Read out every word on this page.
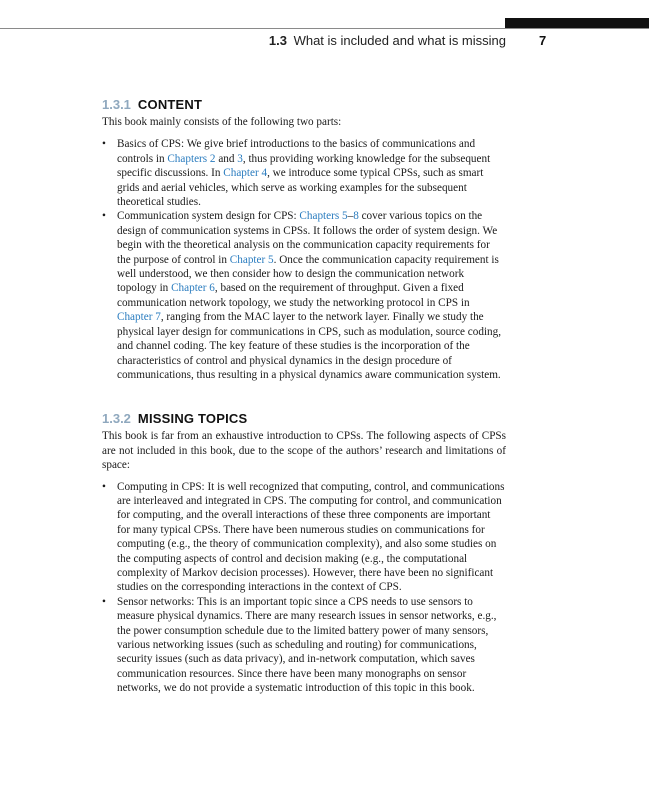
1.3 What is included and what is missing	7
1.3.1 CONTENT

This book mainly consists of the following two parts:

• Basics of CPS: We give brief introductions to the basics of communications and controls in Chapters 2 and 3, thus providing working knowledge for the subsequent specific discussions. In Chapter 4, we introduce some typical CPSs, such as smart grids and aerial vehicles, which serve as working examples for the subsequent theoretical studies.
• Communication system design for CPS: Chapters 5–8 cover various topics on the design of communication systems in CPSs. It follows the order of system design. We begin with the theoretical analysis on the communication capacity requirements for the purpose of control in Chapter 5. Once the communication capacity requirement is well understood, we then consider how to design the communication network topology in Chapter 6, based on the requirement of throughput. Given a fixed communication network topology, we study the networking protocol in CPS in Chapter 7, ranging from the MAC layer to the network layer. Finally we study the physical layer design for communications in CPS, such as modulation, source coding, and channel coding. The key feature of these studies is the incorporation of the characteristics of control and physical dynamics in the design procedure of communications, thus resulting in a physical dynamics aware communication system.
1.3.2 MISSING TOPICS

This book is far from an exhaustive introduction to CPSs. The following aspects of CPSs are not included in this book, due to the scope of the authors’ research and limitations of space:

• Computing in CPS: It is well recognized that computing, control, and communications are interleaved and integrated in CPS. The computing for control, and communication for computing, and the overall interactions of these three components are important for many typical CPSs. There have been numerous studies on communications for computing (e.g., the theory of communication complexity), and also some studies on the computing aspects of control and decision making (e.g., the computational complexity of Markov decision processes). However, there have been no significant studies on the corresponding interactions in the context of CPS.
• Sensor networks: This is an important topic since a CPS needs to use sensors to measure physical dynamics. There are many research issues in sensor networks, e.g., the power consumption schedule due to the limited battery power of many sensors, various networking issues (such as scheduling and routing) for communications, security issues (such as data privacy), and in-network computation, which saves communication resources. Since there have been many monographs on sensor networks, we do not provide a systematic introduction of this topic in this book.
